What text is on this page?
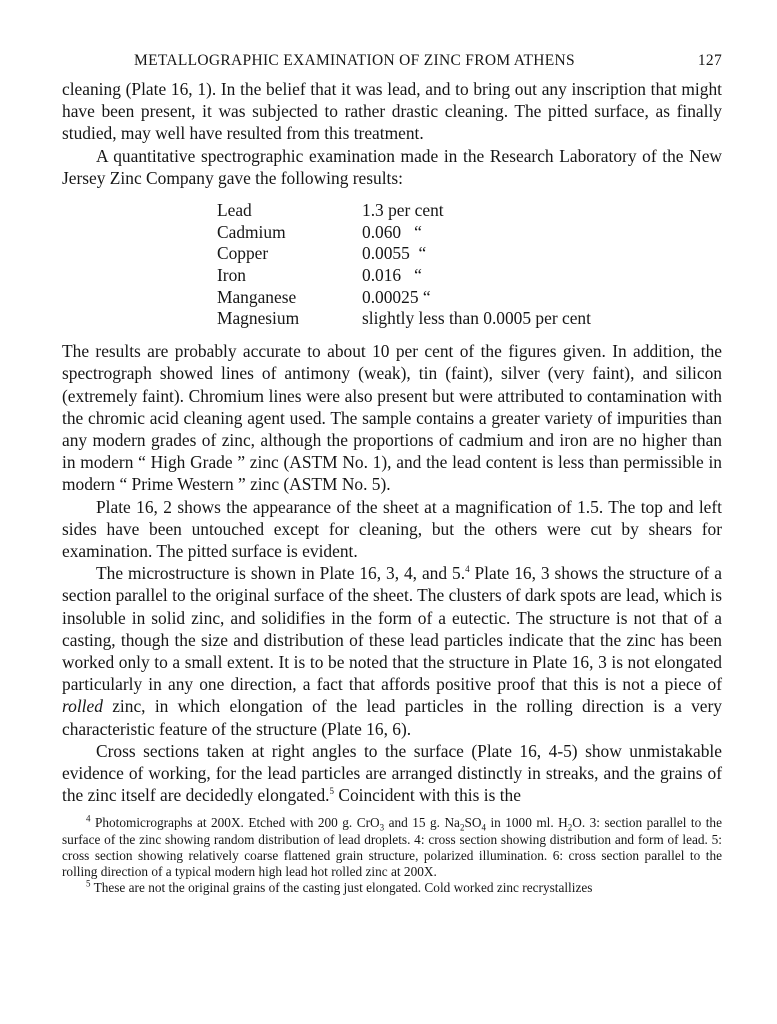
METALLOGRAPHIC EXAMINATION OF ZINC FROM ATHENS	127

cleaning (Plate 16, 1). In the belief that it was lead, and to bring out any inscription that might have been present, it was subjected to rather drastic cleaning. The pitted surface, as finally studied, may well have resulted from this treatment.

A quantitative spectrographic examination made in the Research Laboratory of the New Jersey Zinc Company gave the following results:

Lead	1.3 per cent
Cadmium	0.060   “
Copper	0.0055  “
Iron	0.016   “
Manganese	0.00025 “
Magnesium	slightly less than 0.0005 per cent

The results are probably accurate to about 10 per cent of the figures given. In addition, the spectrograph showed lines of antimony (weak), tin (faint), silver (very faint), and silicon (extremely faint). Chromium lines were also present but were attributed to contamination with the chromic acid cleaning agent used. The sample contains a greater variety of impurities than any modern grades of zinc, although the proportions of cadmium and iron are no higher than in modern “ High Grade ” zinc (ASTM No. 1), and the lead content is less than permissible in modern “ Prime Western ” zinc (ASTM No. 5).

Plate 16, 2 shows the appearance of the sheet at a magnification of 1.5. The top and left sides have been untouched except for cleaning, but the others were cut by shears for examination. The pitted surface is evident.

The microstructure is shown in Plate 16, 3, 4, and 5.$^4$ Plate 16, 3 shows the structure of a section parallel to the original surface of the sheet. The clusters of dark spots are lead, which is insoluble in solid zinc, and solidifies in the form of a eutectic. The structure is not that of a casting, though the size and distribution of these lead particles indicate that the zinc has been worked only to a small extent. It is to be noted that the structure in Plate 16, 3 is not elongated particularly in any one direction, a fact that affords positive proof that this is not a piece of rolled zinc, in which elongation of the lead particles in the rolling direction is a very characteristic feature of the structure (Plate 16, 6).

Cross sections taken at right angles to the surface (Plate 16, 4-5) show unmistakable evidence of working, for the lead particles are arranged distinctly in streaks, and the grains of the zinc itself are decidedly elongated.$^5$ Coincident with this is the

$^4$ Photomicrographs at 200X. Etched with 200 g. CrO$_3$ and 15 g. $Na_2SO_4$ in 1000 ml. $H_2O$. 3: section parallel to the surface of the zinc showing random distribution of lead droplets. 4: cross section showing distribution and form of lead. 5: cross section showing relatively coarse flattened grain structure, polarized illumination. 6: cross section parallel to the rolling direction of a typical modern high lead hot rolled zinc at 200X.

$^5$ These are not the original grains of the casting just elongated. Cold worked zinc recrystallizes
